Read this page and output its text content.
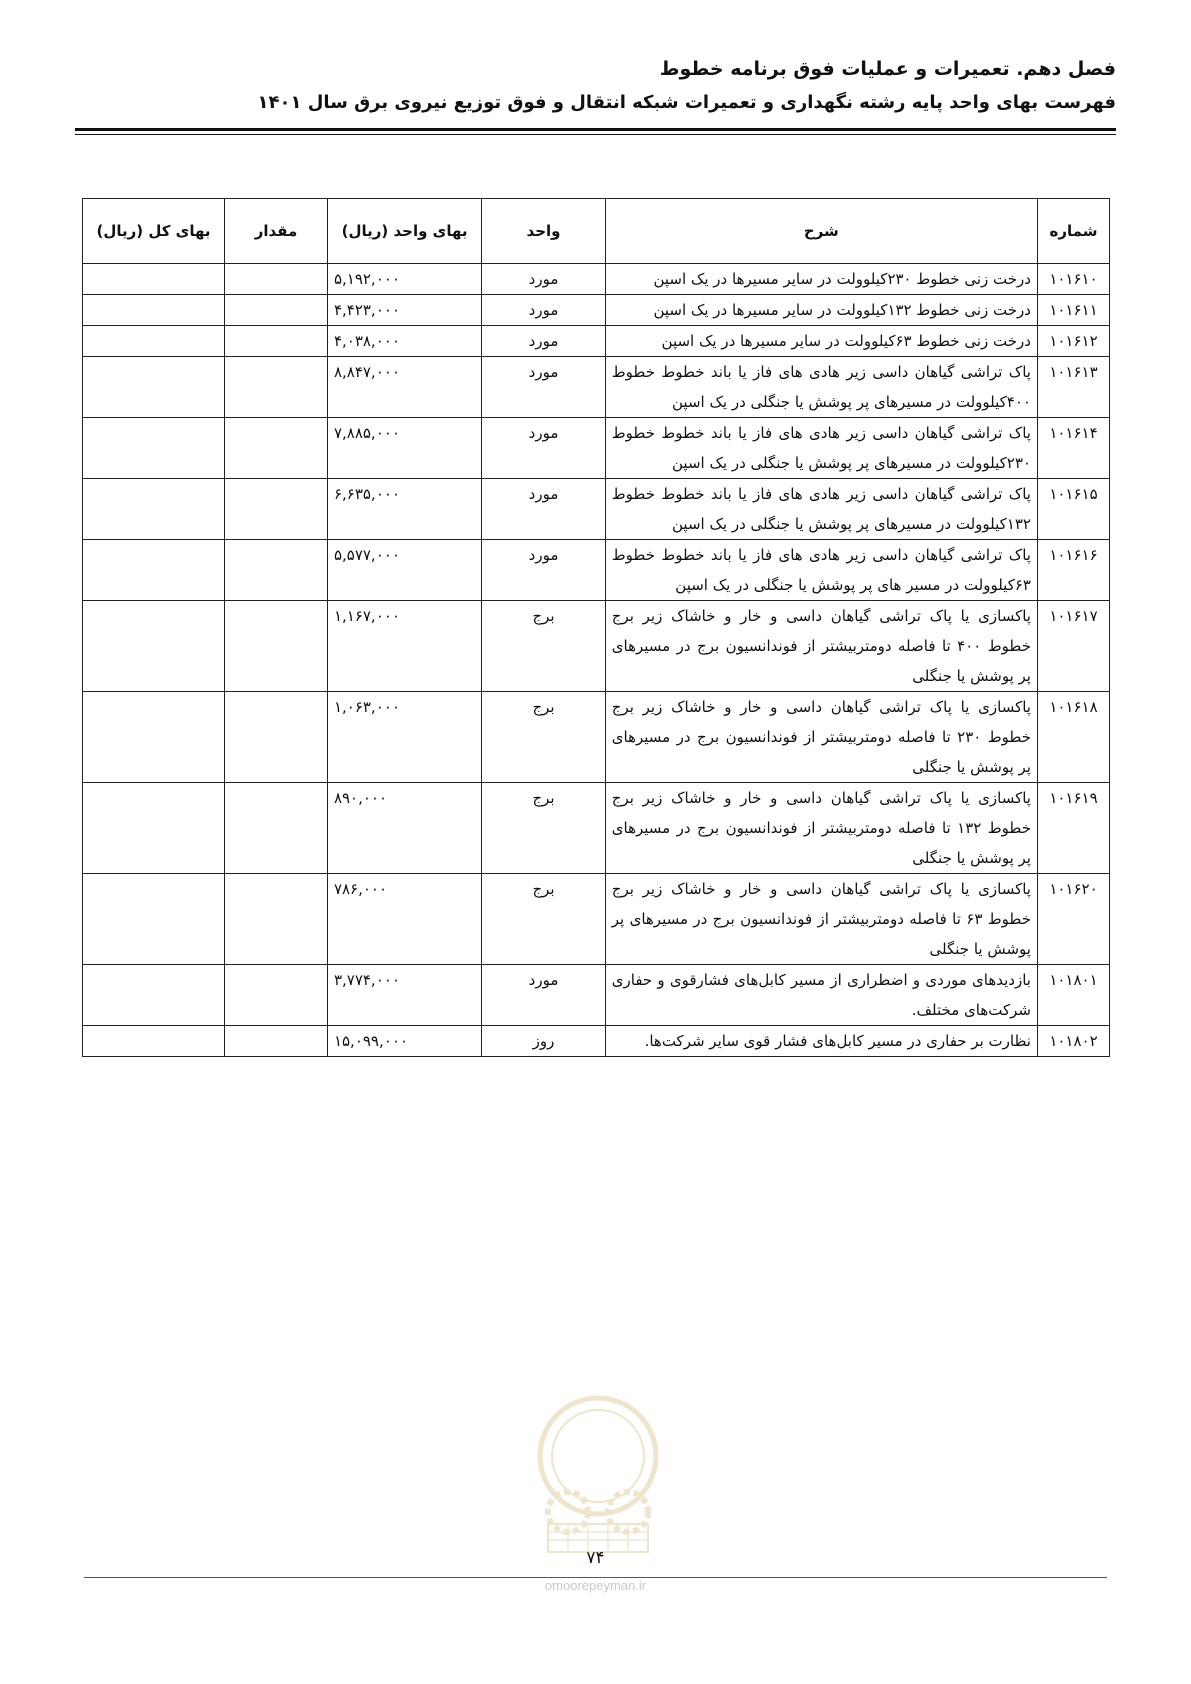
فصل دهم. تعمیرات و عملیات فوق برنامه خطوط
فهرست بهای واحد پایه رشته نگهداری و تعمیرات شبکه انتقال و فوق توزیع نیروی برق سال ۱۴۰۱
شماره	شرح	واحد	بهای واحد (ریال)	مقدار	بهای کل (ریال)
۱۰۱۶۱۰	درخت زنی خطوط ۲۳۰کیلوولت در سایر مسیرها در یک اسپن	مورد	۵,۱۹۲,۰۰۰		
۱۰۱۶۱۱	درخت زنی خطوط ۱۳۲کیلوولت در سایر مسیرها در یک اسپن	مورد	۴,۴۲۳,۰۰۰		
۱۰۱۶۱۲	درخت زنی خطوط ۶۳کیلوولت در سایر مسیرها در یک اسپن	مورد	۴,۰۳۸,۰۰۰		
۱۰۱۶۱۳	پاک تراشی گیاهان داسی زیر هادی های فاز یا باند خطوط خطوط ۴۰۰کیلوولت در مسیرهای پر پوشش یا جنگلی در یک اسپن	مورد	۸,۸۴۷,۰۰۰		
۱۰۱۶۱۴	پاک تراشی گیاهان داسی زیر هادی های فاز یا باند خطوط خطوط ۲۳۰کیلوولت در مسیرهای پر پوشش یا جنگلی در یک اسپن	مورد	۷,۸۸۵,۰۰۰		
۱۰۱۶۱۵	پاک تراشی گیاهان داسی زیر هادی های فاز یا باند خطوط خطوط ۱۳۲کیلوولت در مسیرهای پر پوشش یا جنگلی در یک اسپن	مورد	۶,۶۳۵,۰۰۰		
۱۰۱۶۱۶	پاک تراشی گیاهان داسی زیر هادی های فاز یا باند خطوط خطوط ۶۳کیلوولت در مسیر های پر پوشش یا جنگلی در یک اسپن	مورد	۵,۵۷۷,۰۰۰		
۱۰۱۶۱۷	پاکسازی یا پاک تراشی گیاهان داسی و خار و خاشاک زیر برج خطوط ۴۰۰ تا فاصله دومتربیشتر از فوندانسیون برج در مسیرهای پر پوشش یا جنگلی	برج	۱,۱۶۷,۰۰۰		
۱۰۱۶۱۸	پاکسازی یا پاک تراشی گیاهان داسی و خار و خاشاک زیر برج خطوط ۲۳۰ تا فاصله دومتربیشتر از فوندانسیون برج در مسیرهای پر پوشش یا جنگلی	برج	۱,۰۶۳,۰۰۰		
۱۰۱۶۱۹	پاکسازی یا پاک تراشی گیاهان داسی و خار و خاشاک زیر برج خطوط ۱۳۲ تا فاصله دومتربیشتر از فوندانسیون برج در مسیرهای پر پوشش یا جنگلی	برج	۸۹۰,۰۰۰		
۱۰۱۶۲۰	پاکسازی یا پاک تراشی گیاهان داسی و خار و خاشاک زیر برج خطوط ۶۳ تا فاصله دومتربیشتر از فوندانسیون برج در مسیرهای پر پوشش یا جنگلی	برج	۷۸۶,۰۰۰		
۱۰۱۸۰۱	بازدیدهای موردی و اضطراری از مسیر کابل‌های فشارقوی و حفاری شرکت‌های مختلف.	مورد	۳,۷۷۴,۰۰۰		
۱۰۱۸۰۲	نظارت بر حفاری در مسیر کابل‌های فشار قوی سایر شرکت‌ها.	روز	۱۵,۰۹۹,۰۰۰		
۷۴
omoorepeyman.ir
